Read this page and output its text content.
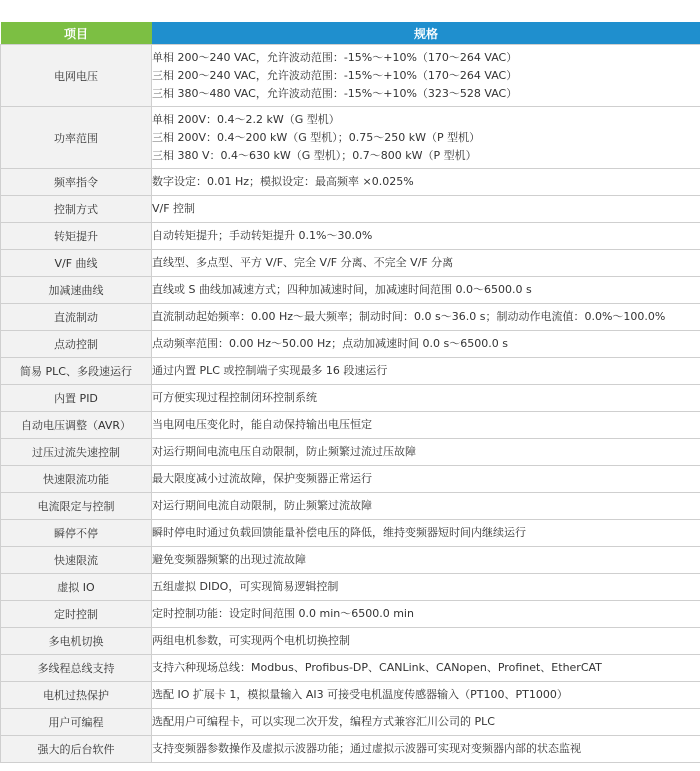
项目	规格
电网电压	单相 200～240 VAC，允许波动范围：-15%～+10%（170～264 VAC）
三相 200～240 VAC，允许波动范围：-15%～+10%（170～264 VAC）
三相 380～480 VAC，允许波动范围：-15%～+10%（323～528 VAC）

功率范围	单相 200V：0.4～2.2 kW（G 型机）
三相 200V：0.4～200 kW（G 型机）；0.75～250 kW（P 型机）
三相 380 V：0.4～630 kW（G 型机）；0.7～800 kW（P 型机）

频率指令	数字设定：0.01 Hz；模拟设定：最高频率 ×0.025%

控制方式	V/F 控制

转矩提升	自动转矩提升；手动转矩提升 0.1%～30.0%

V/F 曲线	直线型、多点型、平方 V/F、完全 V/F 分离、不完全 V/F 分离

加减速曲线	直线或 S 曲线加减速方式；四种加减速时间，加减速时间范围 0.0～6500.0 s

直流制动	直流制动起始频率：0.00 Hz～最大频率；制动时间：0.0 s～36.0 s；制动动作电流值：0.0%～100.0%

点动控制	点动频率范围：0.00 Hz～50.00 Hz；点动加减速时间 0.0 s～6500.0 s

简易 PLC、多段速运行	通过内置 PLC 或控制端子实现最多 16 段速运行

内置 PID	可方便实现过程控制闭环控制系统

自动电压调整（AVR）	当电网电压变化时，能自动保持输出电压恒定

过压过流失速控制	对运行期间电流电压自动限制，防止频繁过流过压故障

快速限流功能	最大限度减小过流故障，保护变频器正常运行

电流限定与控制	对运行期间电流自动限制，防止频繁过流故障

瞬停不停	瞬时停电时通过负载回馈能量补偿电压的降低，维持变频器短时间内继续运行

快速限流	避免变频器频繁的出现过流故障

虚拟 IO	五组虚拟 DIDO，可实现简易逻辑控制

定时控制	定时控制功能：设定时间范围 0.0 min～6500.0 min

多电机切换	两组电机参数，可实现两个电机切换控制

多线程总线支持	支持六种现场总线：Modbus、Profibus-DP、CANLink、CANopen、Profinet、EtherCAT

电机过热保护	选配 IO 扩展卡 1，模拟量输入 AI3 可接受电机温度传感器输入（PT100、PT1000）

用户可编程	选配用户可编程卡，可以实现二次开发，编程方式兼容汇川公司的 PLC

强大的后台软件	支持变频器参数操作及虚拟示波器功能；通过虚拟示波器可实现对变频器内部的状态监视
